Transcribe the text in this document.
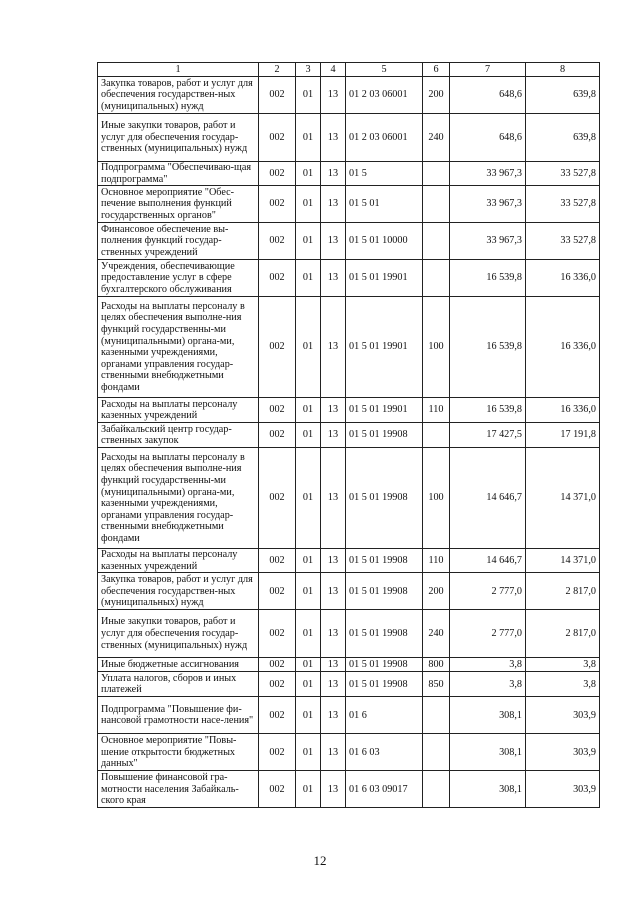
1	2	3	4	5	6	7	8
Закупка товаров, работ и услуг для обеспечения государствен-ных (муниципальных) нужд	002	01	13	01 2 03 06001	200	648,6	639,8
Иные закупки товаров, работ и услуг для обеспечения государ-ственных (муниципальных) нужд	002	01	13	01 2 03 06001	240	648,6	639,8
Подпрограмма "Обеспечиваю-щая подпрограмма"	002	01	13	01 5		33 967,3	33 527,8
Основное мероприятие "Обес-печение выполнения функций государственных органов"	002	01	13	01 5 01		33 967,3	33 527,8
Финансовое обеспечение вы-полнения функций государ-ственных учреждений	002	01	13	01 5 01 10000		33 967,3	33 527,8
Учреждения, обеспечивающие предоставление услуг в сфере бухгалтерского обслуживания	002	01	13	01 5 01 19901		16 539,8	16 336,0
Расходы на выплаты персоналу в целях обеспечения выполне-ния функций государственны-ми (муниципальными) органа-ми, казенными учреждениями, органами управления государ-ственными внебюджетными фондами	002	01	13	01 5 01 19901	100	16 539,8	16 336,0
Расходы на выплаты персоналу казенных учреждений	002	01	13	01 5 01 19901	110	16 539,8	16 336,0
Забайкальский центр государ-ственных закупок	002	01	13	01 5 01 19908		17 427,5	17 191,8
Расходы на выплаты персоналу в целях обеспечения выполне-ния функций государственны-ми (муниципальными) органа-ми, казенными учреждениями, органами управления государ-ственными внебюджетными фондами	002	01	13	01 5 01 19908	100	14 646,7	14 371,0
Расходы на выплаты персоналу казенных учреждений	002	01	13	01 5 01 19908	110	14 646,7	14 371,0
Закупка товаров, работ и услуг для обеспечения государствен-ных (муниципальных) нужд	002	01	13	01 5 01 19908	200	2 777,0	2 817,0
Иные закупки товаров, работ и услуг для обеспечения государ-ственных (муниципальных) нужд	002	01	13	01 5 01 19908	240	2 777,0	2 817,0
Иные бюджетные ассигнования	002	01	13	01 5 01 19908	800	3,8	3,8
Уплата налогов, сборов и иных платежей	002	01	13	01 5 01 19908	850	3,8	3,8
Подпрограмма "Повышение фи-нансовой грамотности насе-ления"	002	01	13	01 6		308,1	303,9
Основное мероприятие "Повы-шение открытости бюджетных данных"	002	01	13	01 6 03		308,1	303,9
Повышение финансовой гра-мотности населения Забайкаль-ского края	002	01	13	01 6 03 09017		308,1	303,9
12
